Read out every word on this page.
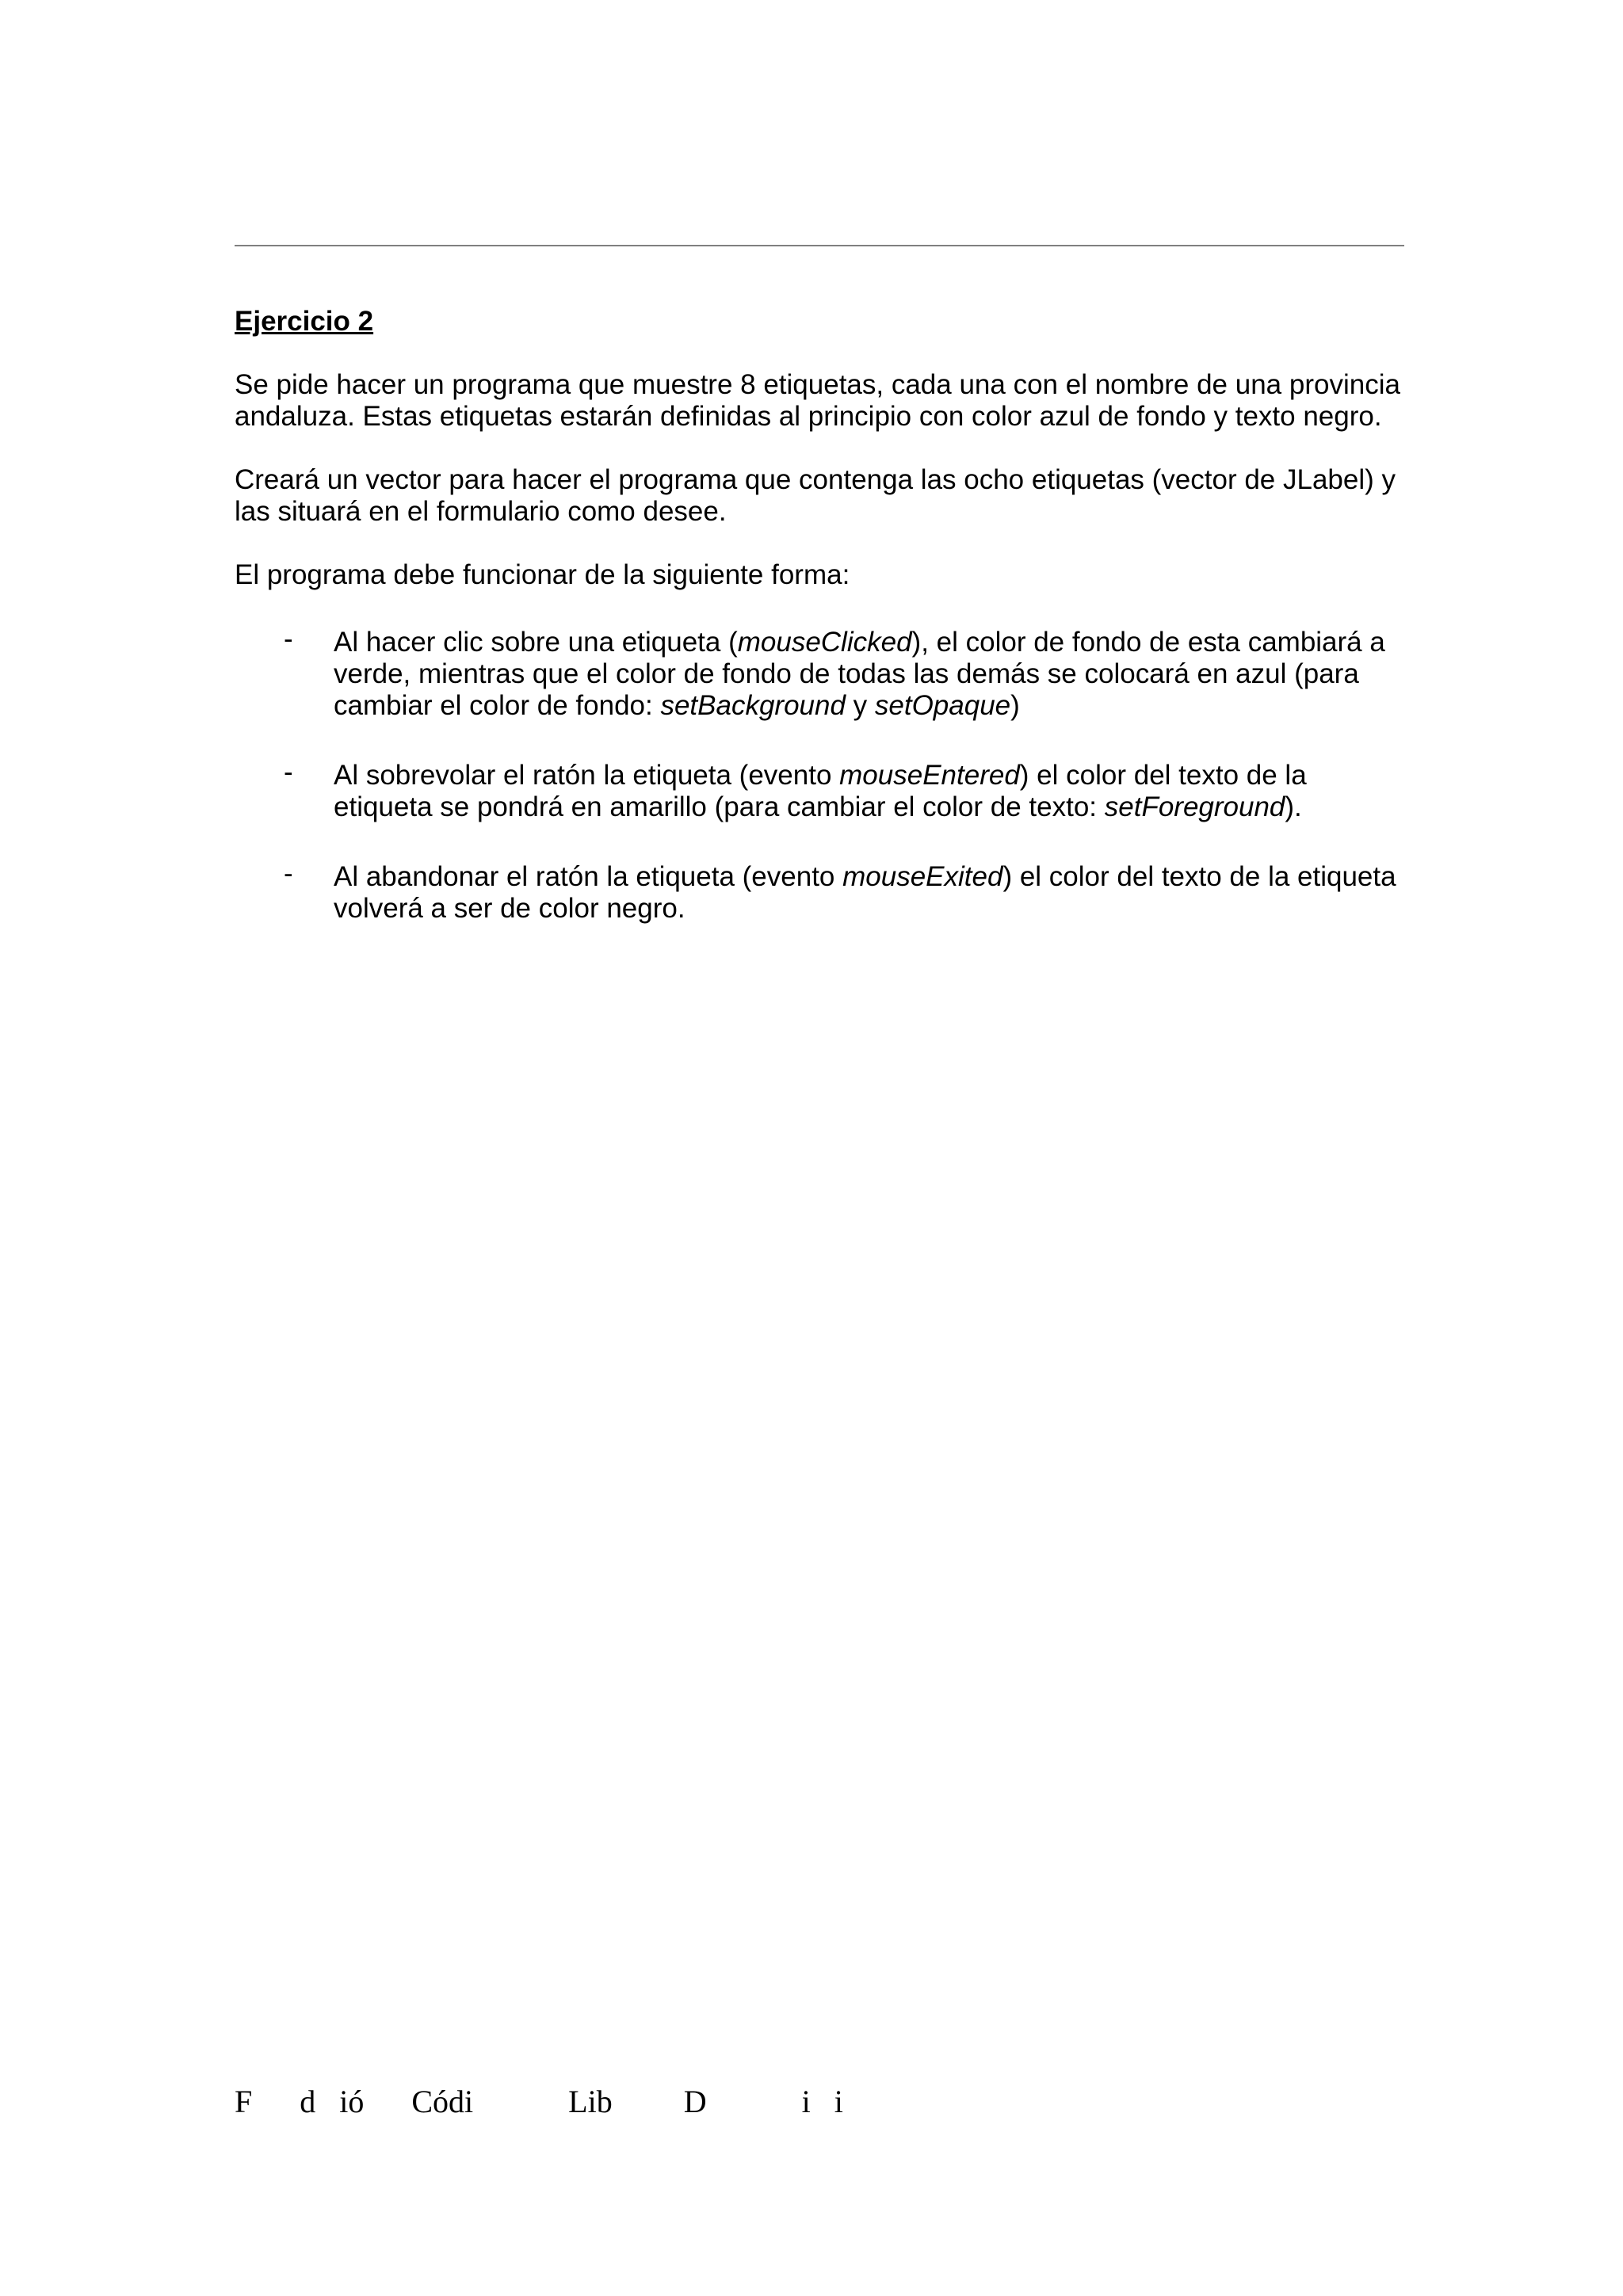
Ejercicio 2

Se pide hacer un programa que muestre 8 etiquetas, cada una con el nombre de una provincia andaluza. Estas etiquetas estarán definidas al principio con color azul de fondo y texto negro.

Creará un vector para hacer el programa que contenga las ocho etiquetas (vector de JLabel) y las situará en el formulario como desee.

El programa debe funcionar de la siguiente forma:

- Al hacer clic sobre una etiqueta (mouseClicked), el color de fondo de esta cambiará a verde, mientras que el color de fondo de todas las demás se colocará en azul (para cambiar el color de fondo: setBackground y setOpaque)
- Al sobrevolar el ratón la etiqueta (evento mouseEntered) el color del texto de la etiqueta se pondrá en amarillo (para cambiar el color de texto: setForeground).
- Al abandonar el ratón la etiqueta (evento mouseExited) el color del texto de la etiqueta volverá a ser de color negro.
F  d ió  Códi    Lib   D    i i
